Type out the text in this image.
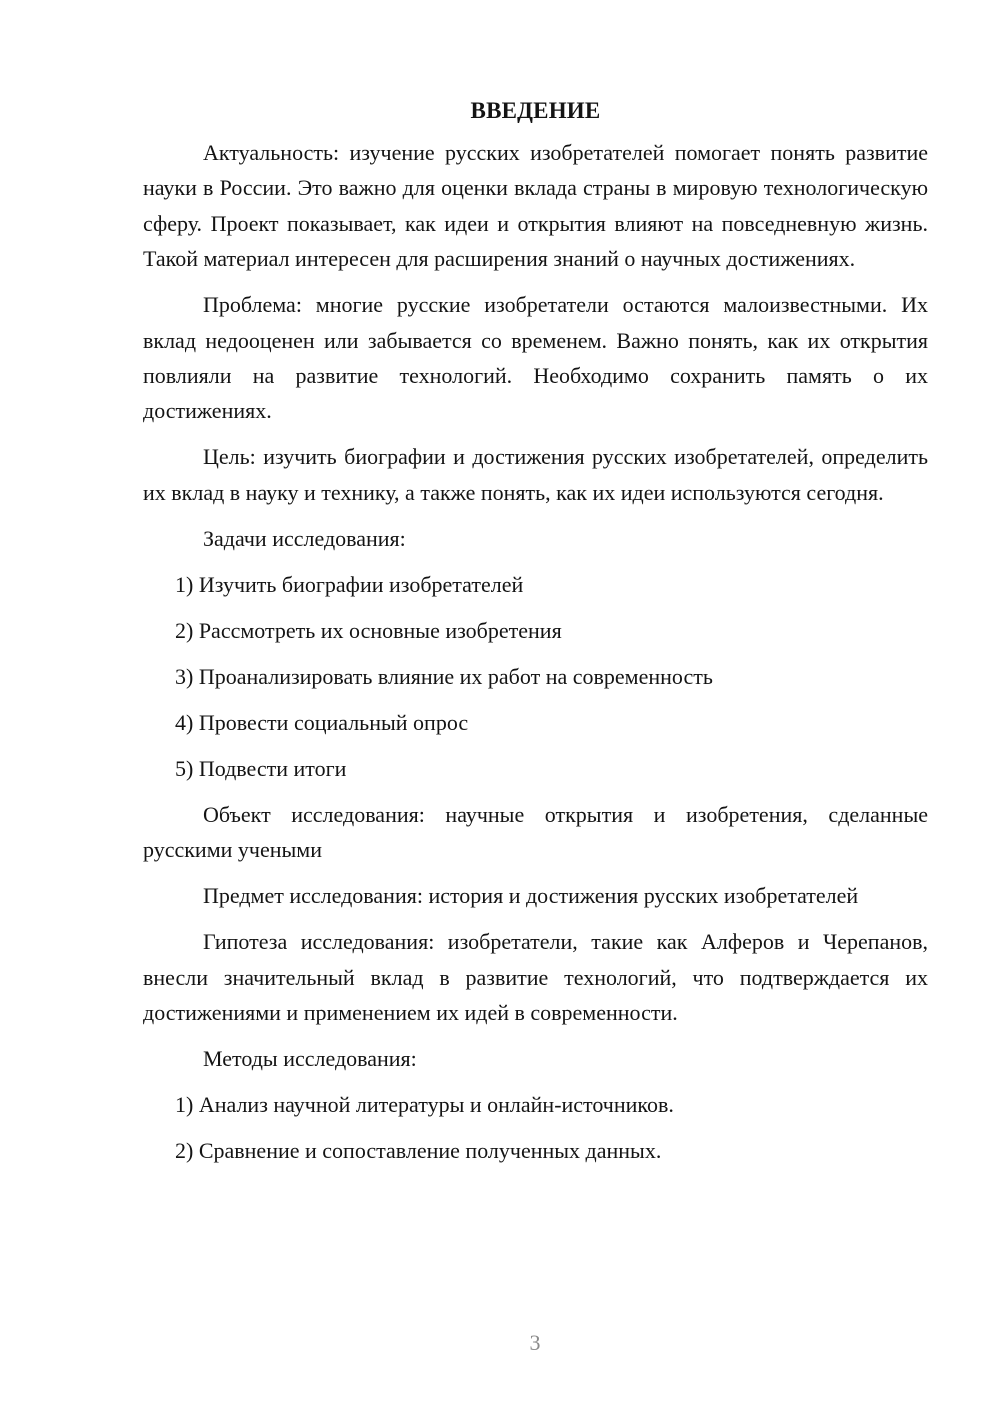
ВВЕДЕНИЕ

Актуальность: изучение русских изобретателей помогает понять развитие науки в России. Это важно для оценки вклада страны в мировую технологическую сферу. Проект показывает, как идеи и открытия влияют на повседневную жизнь. Такой материал интересен для расширения знаний о научных достижениях.

Проблема: многие русские изобретатели остаются малоизвестными. Их вклад недооценен или забывается со временем. Важно понять, как их открытия повлияли на развитие технологий. Необходимо сохранить память о их достижениях.

Цель: изучить биографии и достижения русских изобретателей, определить их вклад в науку и технику, а также понять, как их идеи используются сегодня.

Задачи исследования:

1) Изучить биографии изобретателей

2) Рассмотреть их основные изобретения

3) Проанализировать влияние их работ на современность

4) Провести социальный опрос

5) Подвести итоги

Объект исследования: научные открытия и изобретения, сделанные русскими учеными

Предмет исследования: история и достижения русских изобретателей

Гипотеза исследования: изобретатели, такие как Алферов и Черепанов, внесли значительный вклад в развитие технологий, что подтверждается их достижениями и применением их идей в современности.

Методы исследования:

1) Анализ научной литературы и онлайн-источников.

2) Сравнение и сопоставление полученных данных.

3
